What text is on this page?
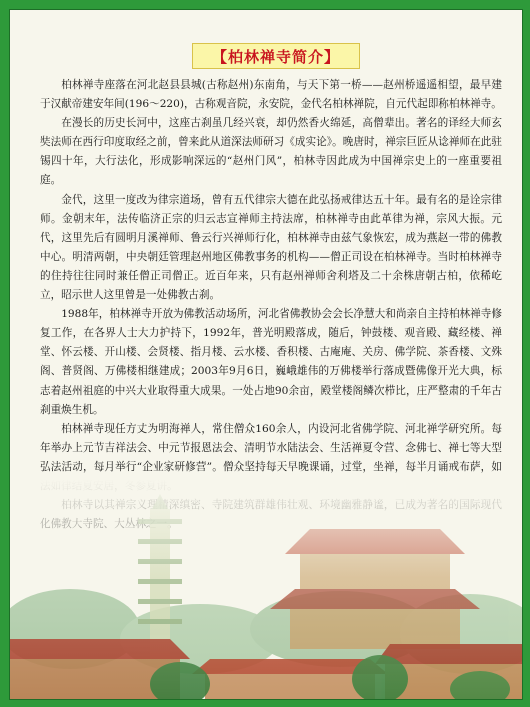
【柏林禅寺简介】

柏林禅寺座落在河北赵县县城(古称赵州)东南角，与天下第一桥——赵州桥遥遥相望，最早建于汉献帝建安年间(196～220)，古称观音院，永安院，金代名柏林禅院，自元代起即称柏林禅寺。

在漫长的历史长河中，这座古刹虽几经兴衰，却仍然香火绵延，高僧辈出。著名的译经大师玄奘法师在西行印度取经之前，曾来此从道深法师研习《成实论》。晚唐时，禅宗巨匠从谂禅师在此驻锡四十年，大行法化，形成影响深远的“赵州门风”，柏林寺因此成为中国禅宗史上的一座重要祖庭。

金代，这里一度改为律宗道场，曾有五代律宗大德在此弘扬戒律达五十年。最有名的是诠宗律师。金朝末年，法传临济正宗的归云志宣禅师主持法席，柏林禅寺由此革律为禅，宗风大振。元代，这里先后有圆明月溪禅师、鲁云行兴禅师行化，柏林禅寺由兹气象恢宏，成为燕赵一带的佛教中心。明清两朝，中央朝廷管理赵州地区佛教事务的机构——僧正司设在柏林禅寺。当时柏林禅寺的住持往往同时兼任僧正司僧正。近百年来，只有赵州禅师舍利塔及二十余株唐朝古柏，依稀屹立，昭示世人这里曾是一处佛教古刹。

1988年，柏林禅寺开放为佛教活动场所，河北省佛教协会会长净慧大和尚亲自主持柏林禅寺修复工作，在各界人士大力护持下，1992年，普光明殿落成，随后，钟鼓楼、观音殿、藏经楼、禅堂、怀云楼、开山楼、会贤楼、指月楼、云水楼、香积楼、古庵庵、关房、佛学院、茶香楼、文殊阁、普贤阁、万佛楼相继建成；2003年9月6日，巍峨雄伟的万佛楼举行落成暨佛像开光大典，标志着赵州祖庭的中兴大业取得重大成果。一处占地90余亩，殿堂楼阁鳞次栉比，庄严整肃的千年古刹重焕生机。

柏林禅寺现任方丈为明海禅人，常住僧众160余人，内设河北省佛学院、河北禅学研究所。每年举办上元节吉祥法会、中元节报恩法会、清明节水陆法会、生活禅夏令营、念佛七、禅七等大型弘法活动，每月举行“企业家研修营”。僧众坚持每天早晚课诵，过堂，坐禅，每半月诵戒布萨，如
